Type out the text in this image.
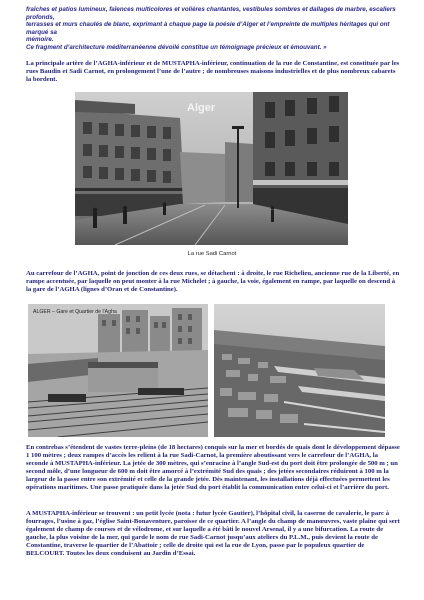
fraîches et patios lumineux, faïences multicolores et volières chantantes, vestibules sombres et dallages de marbre, escaliers profonds,
terrasses et murs chaulés de blanc, exprimant à chaque page la poésie d’Alger et l’empreinte de multiples héritages qui ont marqué sa
mémoire.
Ce fragment d’architecture méditerranéenne dévoilé constitue un témoignage précieux et émouvant. »

La principale artère de l’AGHA-inférieur et de MUSTAPHA-inférieur, continuation de la rue de Constantine, est constituée par les rues Baudin et Sadi Carnot, en prolongement l’une de l’autre ; de nombreuses maisons industrielles et de plus nombreux cabarets la bordent.

Alger
La rue Sadi Carnot

Au carrefour de l’AGHA, point de jonction de ces deux rues, se détachent : à droite, le rue Richelieu, ancienne rue de la Liberté, en rampe accentuée, par laquelle on peut monter à la rue Michelet ; à gauche, la voie, également en rampe, par laquelle on descend à la gare de l’AGHA (lignes d’Oran et de Constantine).

ALGER – Gare et Quartier de l'Agha

En contrebas s’étendent de vastes terre-pleins (de 18 hectares) conquis sur la mer et bordés de quais dont le développement dépasse 1 100 mètres ; deux rampes d’accès les relient à la rue Sadi-Carnot, la première aboutissant vers le carrefour de l’AGHA, la seconde à MUSTAPHA-inférieur. La jetée de 300 mètres, qui s’enracine à l’angle Sud-est du port doit être prolongée de 500 m ; un second môle, d’une longueur de 600 m doit être amorcé à l’extrémité Sud des quais ; des jetées secondaires réduiront à 100 m la largeur de la passe entre son extrémité et celle de la grande jetée. Dès maintenant, les installations déjà effectuées permettent les opérations maritimes. Une passe pratiquée dans la jetée Sud du port établit la communication entre celui-ci et l’arrière du port.

A MUSTAPHA-inférieur se trouvent : un petit lycée (nota : futur lycée Gautier), l’hôpital civil, la caserne de cavalerie, le parc à fourrages, l’usine à gaz, l’église Saint-Bonaventure, paroisse de ce quartier. A l’angle du champ de manœuvres, vaste plaine qui sert également de champ de courses et de vélodrome, et sur laquelle a été bâti le nouvel Arsenal, il y a une bifurcation. La route de gauche, la plus voisine de la mer, qui garde le nom de rue Sadi-Carnot jusqu’aux ateliers du P.L.M., puis devient la route de Constantine, traverse le quartier de l’Abattoir ; celle de droite qui est la rue de Lyon, passe par le populeux quartier de BELCOURT. Toutes les deux conduisent au Jardin d’Essai.
